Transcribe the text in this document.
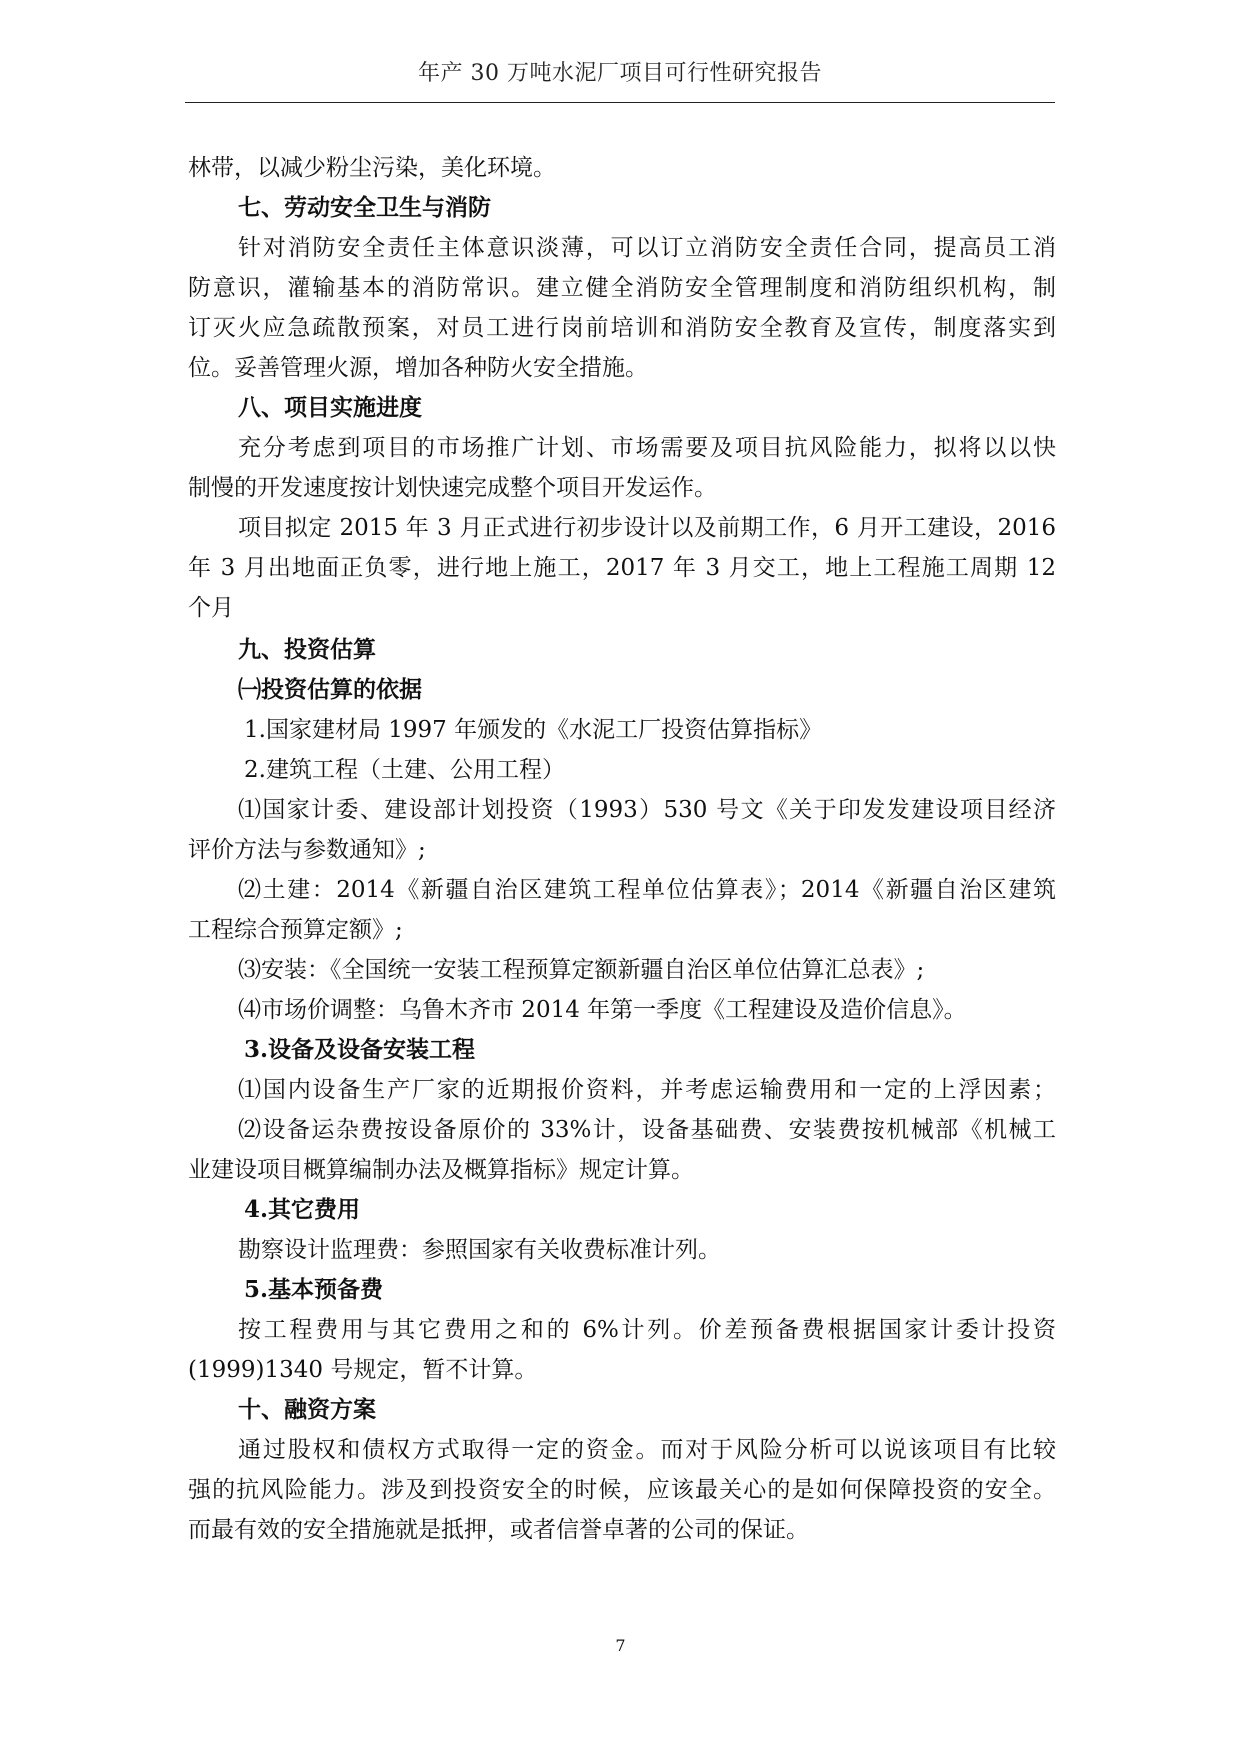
年产 30 万吨水泥厂项目可行性研究报告
林带，以减少粉尘污染，美化环境。
七、劳动安全卫生与消防
针对消防安全责任主体意识淡薄，可以订立消防安全责任合同，提高员工消
防意识，灌输基本的消防常识。建立健全消防安全管理制度和消防组织机构，制
订灭火应急疏散预案，对员工进行岗前培训和消防安全教育及宣传，制度落实到
位。妥善管理火源，增加各种防火安全措施。
八、项目实施进度
充分考虑到项目的市场推广计划、市场需要及项目抗风险能力，拟将以以快
制慢的开发速度按计划快速完成整个项目开发运作。
项目拟定 2015 年 3 月正式进行初步设计以及前期工作，6 月开工建设，2016
年 3 月出地面正负零，进行地上施工，2017 年 3 月交工，地上工程施工周期 12
个月
九、投资估算
㈠投资估算的依据
1.国家建材局 1997 年颁发的《水泥工厂投资估算指标》
2.建筑工程（土建、公用工程）
⑴国家计委、建设部计划投资（1993）530 号文《关于印发发建设项目经济
评价方法与参数通知》;
⑵土建：2014《新疆自治区建筑工程单位估算表》；2014《新疆自治区建筑
工程综合预算定额》;
⑶安装：《全国统一安装工程预算定额新疆自治区单位估算汇总表》;
⑷市场价调整：乌鲁木齐市 2014 年第一季度《工程建设及造价信息》。
3.设备及设备安装工程
⑴国内设备生产厂家的近期报价资料，并考虑运输费用和一定的上浮因素；
⑵设备运杂费按设备原价的 33%计，设备基础费、安装费按机械部《机械工
业建设项目概算编制办法及概算指标》规定计算。
4.其它费用
勘察设计监理费：参照国家有关收费标准计列。
5.基本预备费
按工程费用与其它费用之和的 6%计列。价差预备费根据国家计委计投资
(1999)1340 号规定，暂不计算。
十、融资方案
通过股权和债权方式取得一定的资金。而对于风险分析可以说该项目有比较
强的抗风险能力。涉及到投资安全的时候，应该最关心的是如何保障投资的安全。
而最有效的安全措施就是抵押，或者信誉卓著的公司的保证。
7
